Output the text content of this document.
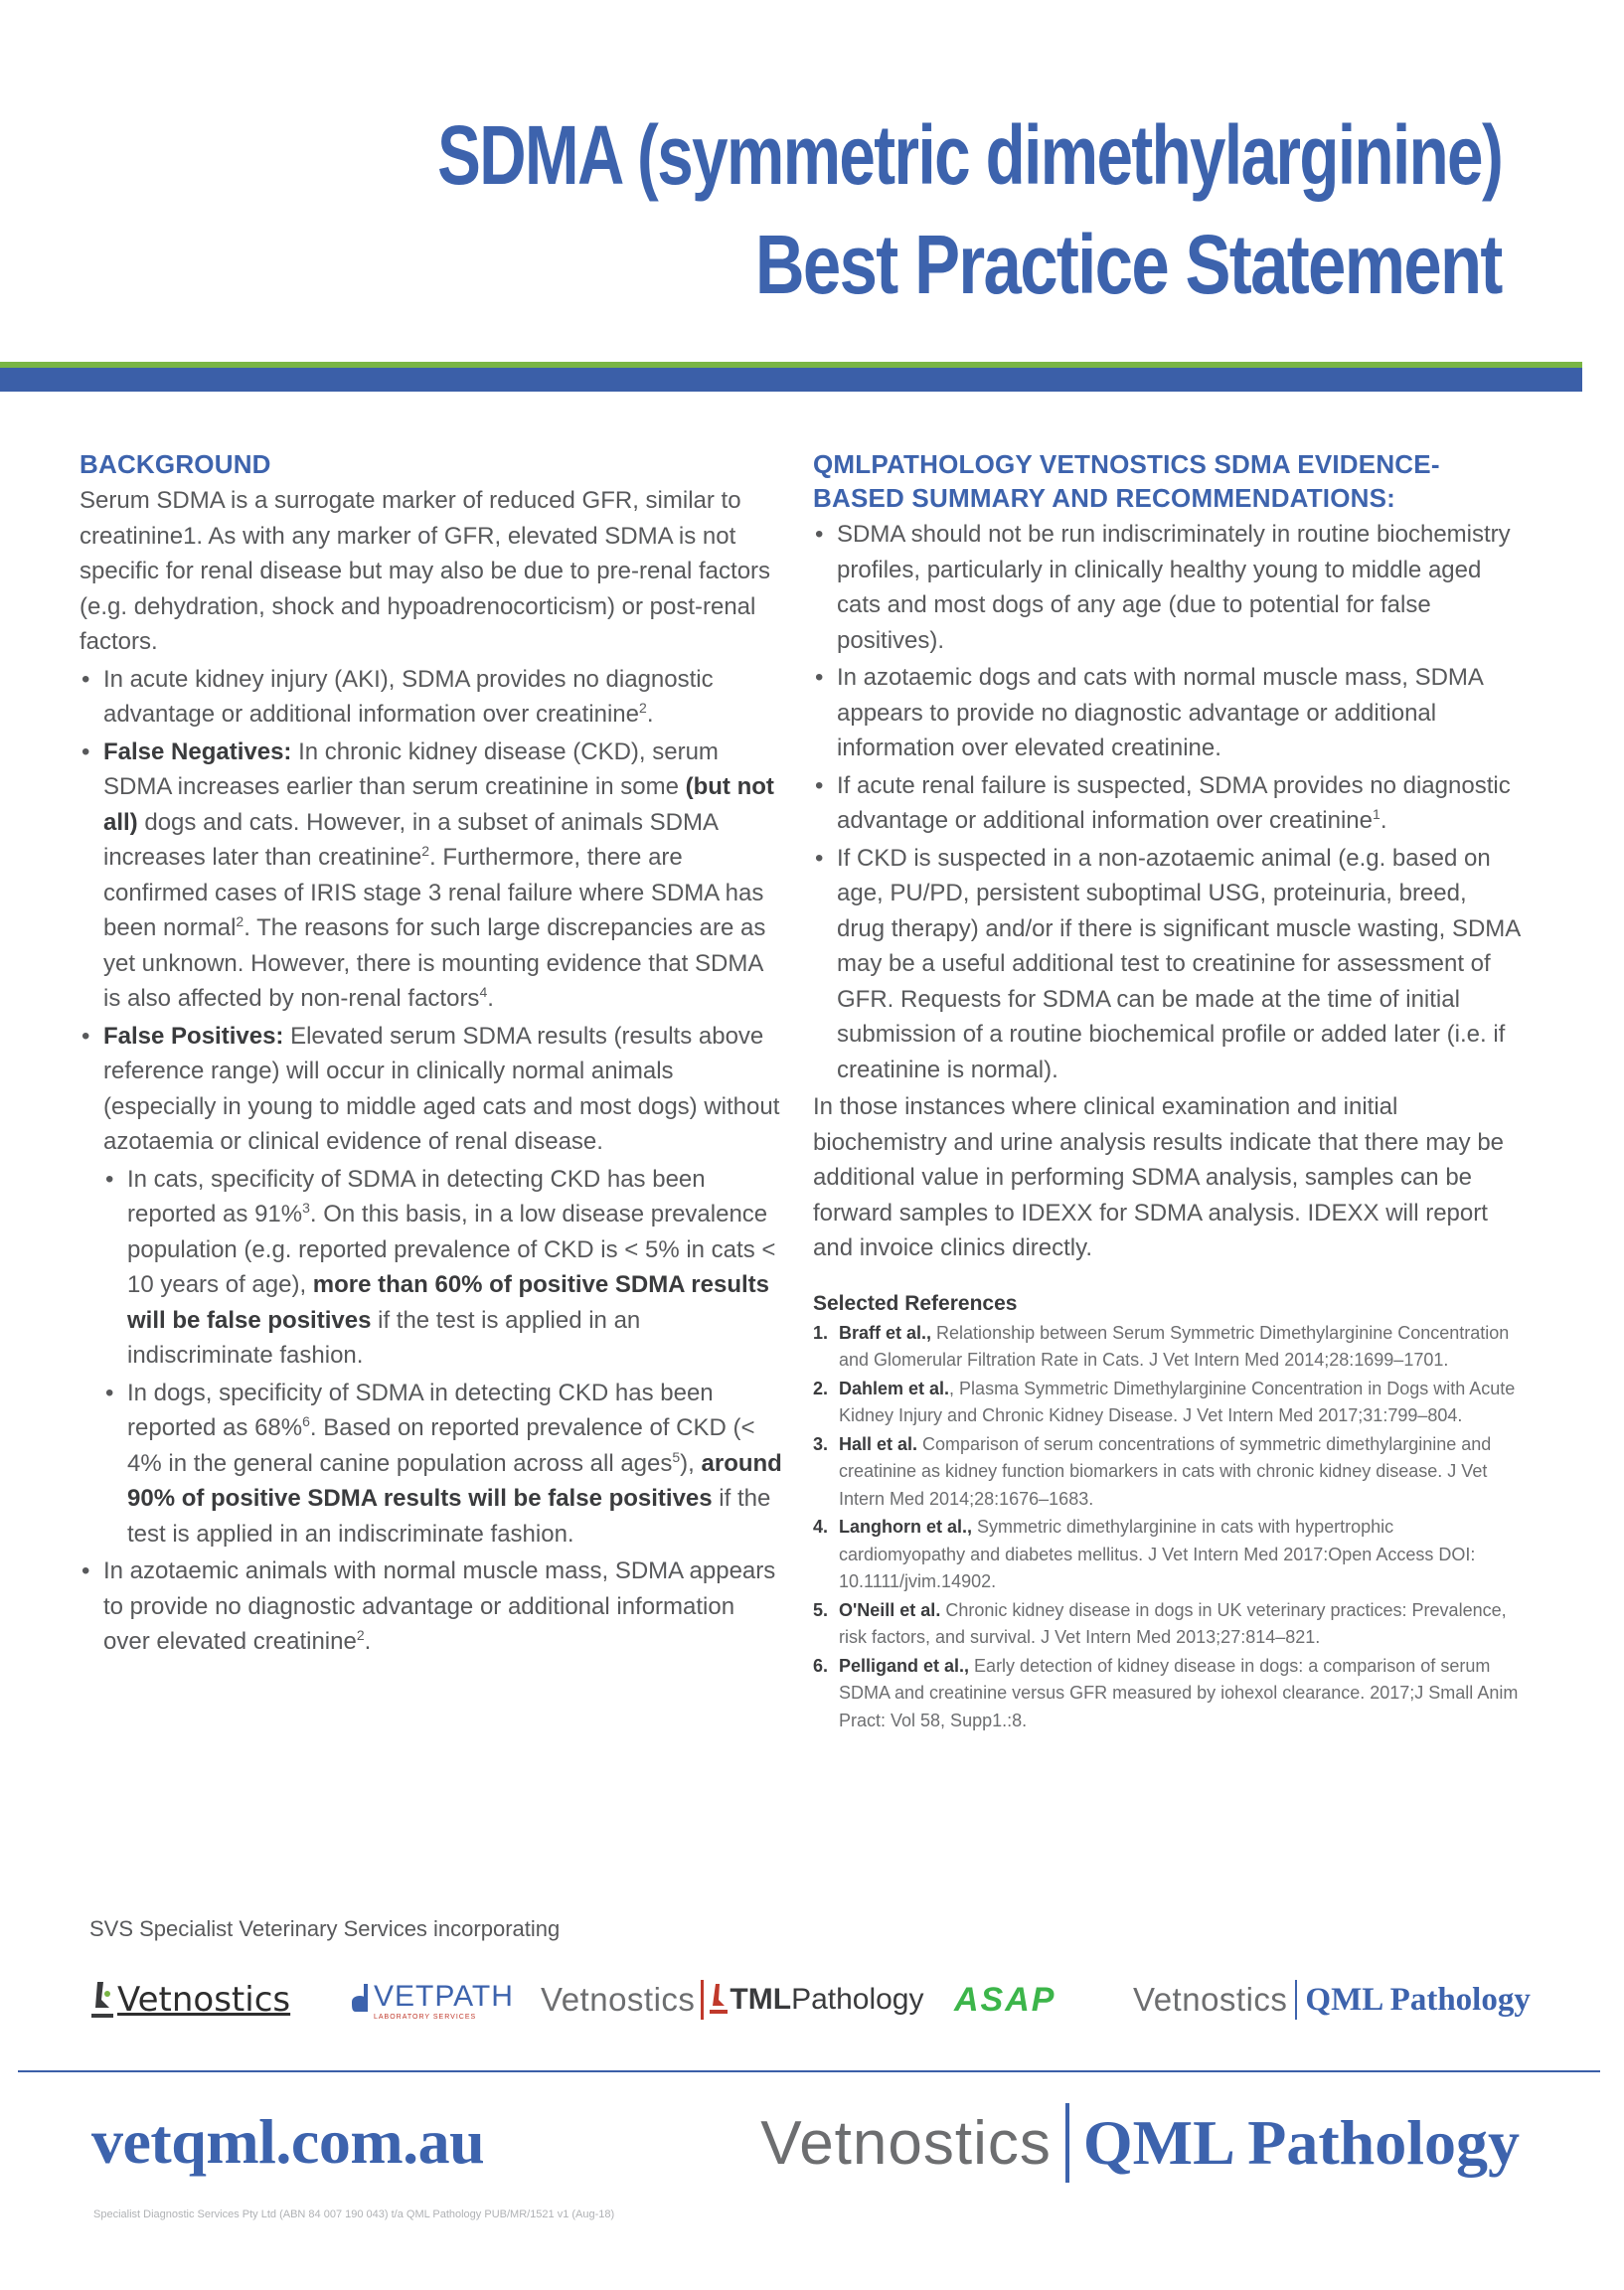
SDMA (symmetric dimethylarginine)
Best Practice Statement
BACKGROUND

Serum SDMA is a surrogate marker of reduced GFR, similar to creatinine1. As with any marker of GFR, elevated SDMA is not specific for renal disease but may also be due to pre-renal factors (e.g. dehydration, shock and hypoadrenocorticism) or post-renal factors.

• In acute kidney injury (AKI), SDMA provides no diagnostic advantage or additional information over creatinine$^2$.
• False Negatives: In chronic kidney disease (CKD), serum SDMA increases earlier than serum creatinine in some (but not all) dogs and cats. However, in a subset of animals SDMA increases later than creatinine$^2$. Furthermore, there are confirmed cases of IRIS stage 3 renal failure where SDMA has been normal$^2$. The reasons for such large discrepancies are as yet unknown. However, there is mounting evidence that SDMA is also affected by non-renal factors$^4$.
• False Positives: Elevated serum SDMA results (results above reference range) will occur in clinically normal animals (especially in young to middle aged cats and most dogs) without azotaemia or clinical evidence of renal disease.
• In cats, specificity of SDMA in detecting CKD has been reported as 91%$^3$. On this basis, in a low disease prevalence population (e.g. reported prevalence of CKD is < 5% in cats < 10 years of age), more than 60% of positive SDMA results will be false positives if the test is applied in an indiscriminate fashion.
• In dogs, specificity of SDMA in detecting CKD has been reported as 68%$^6$. Based on reported prevalence of CKD (< 4% in the general canine population across all ages$^5$), around 90% of positive SDMA results will be false positives if the test is applied in an indiscriminate fashion.
• In azotaemic animals with normal muscle mass, SDMA appears to provide no diagnostic advantage or additional information over elevated creatinine$^2$.
QMLPATHOLOGY VETNOSTICS SDMA EVIDENCE-BASED SUMMARY AND RECOMMENDATIONS:
• SDMA should not be run indiscriminately in routine biochemistry profiles, particularly in clinically healthy young to middle aged cats and most dogs of any age (due to potential for false positives).
• In azotaemic dogs and cats with normal muscle mass, SDMA appears to provide no diagnostic advantage or additional information over elevated creatinine.
• If acute renal failure is suspected, SDMA provides no diagnostic advantage or additional information over creatinine$^1$.
• If CKD is suspected in a non-azotaemic animal (e.g. based on age, PU/PD, persistent suboptimal USG, proteinuria, breed, drug therapy) and/or if there is significant muscle wasting, SDMA may be a useful additional test to creatinine for assessment of GFR. Requests for SDMA can be made at the time of initial submission of a routine biochemical profile or added later (i.e. if creatinine is normal).

In those instances where clinical examination and initial biochemistry and urine analysis results indicate that there may be additional value in performing SDMA analysis, samples can be forward samples to IDEXX for SDMA analysis. IDEXX will report and invoice clinics directly.

Selected References
1. Braff et al., Relationship between Serum Symmetric Dimethylarginine Concentration and Glomerular Filtration Rate in Cats. J Vet Intern Med 2014;28:1699–1701.
2. Dahlem et al., Plasma Symmetric Dimethylarginine Concentration in Dogs with Acute Kidney Injury and Chronic Kidney Disease. J Vet Intern Med 2017;31:799–804.
3. Hall et al. Comparison of serum concentrations of symmetric dimethylarginine and creatinine as kidney function biomarkers in cats with chronic kidney disease. J Vet Intern Med 2014;28:1676–1683.
4. Langhorn et al., Symmetric dimethylarginine in cats with hypertrophic cardiomyopathy and diabetes mellitus. J Vet Intern Med 2017:Open Access DOI: 10.1111/jvim.14902.
5. O'Neill et al. Chronic kidney disease in dogs in UK veterinary practices: Prevalence, risk factors, and survival. J Vet Intern Med 2013;27:814–821.
6. Pelligand et al., Early detection of kidney disease in dogs: a comparison of serum SDMA and creatinine versus GFR measured by iohexol clearance. 2017;J Small Anim Pract: Vol 58, Supp1.:8.
SVS Specialist Veterinary Services incorporating
Vetnostics	VETPATH
LABORATORY SERVICES	Vetnostics TMLPathology ASAP Vetnostics QML Pathology
vetqml.com.au	Vetnostics QML Pathology
Specialist Diagnostic Services Pty Ltd (ABN 84 007 190 043) t/a QML Pathology PUB/MR/1521 v1 (Aug-18)
